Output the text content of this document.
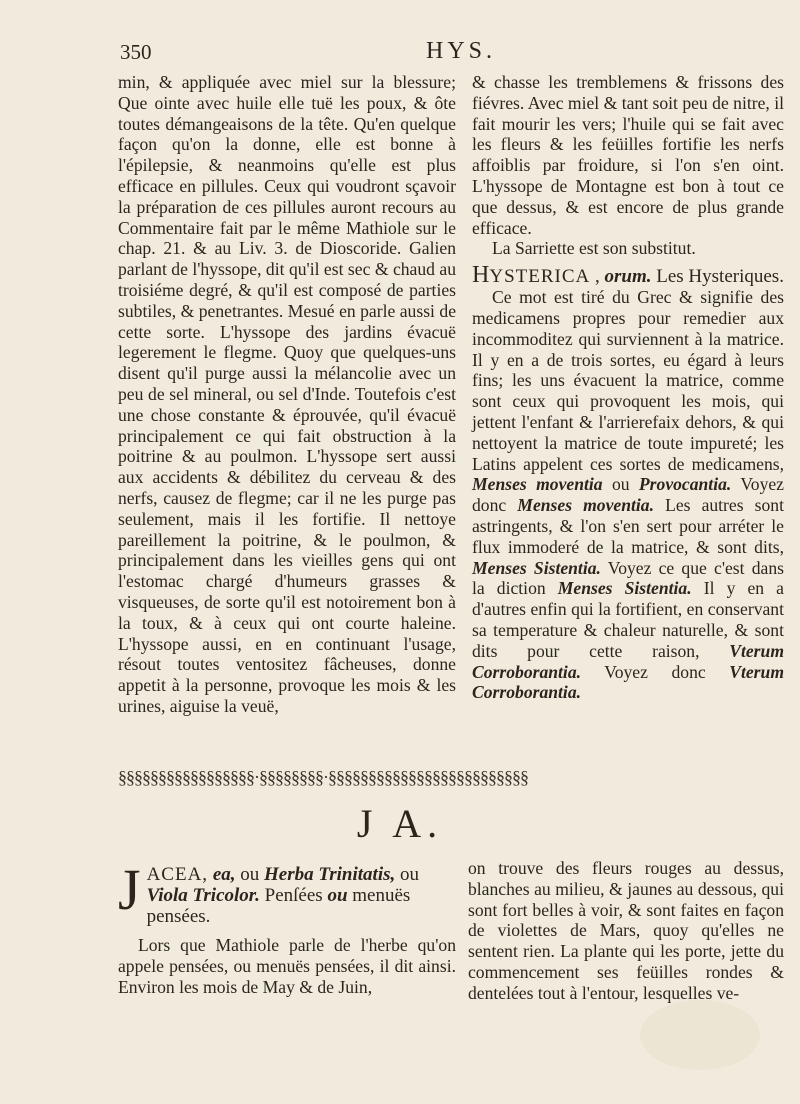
350	HYS.

min, & appliquée avec miel sur la blessure; Que ointe avec huile elle tuë les poux, & ôte toutes démangeaisons de la tête. Qu'en quelque façon qu'on la donne, elle est bonne à l'épilepsie, & neanmoins qu'elle est plus efficace en pillules. Ceux qui voudront sçavoir la préparation de ces pillules auront recours au Commentaire fait par le même Mathiole sur le chap. 21. & au Liv. 3. de Dioscoride. Galien parlant de l'hyssope, dit qu'il est sec & chaud au troisiéme degré, & qu'il est composé de parties subtiles, & penetrantes. Mesué en parle aussi de cette sorte. L'hyssope des jardins évacuë legerement le flegme. Quoy que quelques-uns disent qu'il purge aussi la mélancolie avec un peu de sel mineral, ou sel d'Inde. Toutefois c'est une chose constante & éprouvée, qu'il évacuë principalement ce qui fait obstruction à la poitrine & au poulmon. L'hyssope sert aussi aux accidents & débilitez du cerveau & des nerfs, causez de flegme; car il ne les purge pas seulement, mais il les fortifie. Il nettoye pareillement la poitrine, & le poulmon, & principalement dans les vieilles gens qui ont l'estomac chargé d'humeurs grasses & visqueuses, de sorte qu'il est notoirement bon à la toux, & à ceux qui ont courte haleine. L'hyssope aussi, en en continuant l'usage, résout toutes ventositez fâcheuses, donne appetit à la personne, provoque les mois & les urines, aiguise la veuë,

& chasse les tremblemens & frissons des fiévres. Avec miel & tant soit peu de nitre, il fait mourir les vers; l'huile qui se fait avec les fleurs & les feüilles fortifie les nerfs affoiblis par froidure, si l'on s'en oint. L'hyssope de Montagne est bon à tout ce que dessus, & est encore de plus grande efficace.

La Sarriette est son substitut.

HYSTERICA , orum. Les Hysteriques.

Ce mot est tiré du Grec & signifie des medicamens propres pour remedier aux incommoditez qui surviennent à la matrice. Il y en a de trois sortes, eu égard à leurs fins; les uns évacuent la matrice, comme sont ceux qui provoquent les mois, qui jettent l'enfant & l'arrierefaix dehors, & qui nettoyent la matrice de toute impureté; les Latins appelent ces sortes de medicamens, Menses moventia ou Provocantia. Voyez donc Menses moventia. Les autres sont astringents, & l'on s'en sert pour arréter le flux immoderé de la matrice, & sont dits, Menses Sistentia. Voyez ce que c'est dans la diction Menses Sistentia. Il y en a d'autres enfin qui la fortifient, en conservant sa temperature & chaleur naturelle, & sont dits pour cette raison, Vterum Corroborantia. Voyez donc Vterum Corroborantia.

§§§§§§§§§§§§§§§§§·§§§§§§§§·§§§§§§§§§§§§§§§§§§§§§§§§§
J A.

J ACEA, ea, ou Herba Trinitatis, ou Viola Tricolor. Penſées ou menuës pensées.

Lors que Mathiole parle de l'herbe qu'on appele pensées, ou menuës pensées, il dit ainsi. Environ les mois de May & de Juin,

on trouve des fleurs rouges au dessus, blanches au milieu, & jaunes au dessous, qui sont fort belles à voir, & sont faites en façon de violettes de Mars, quoy qu'elles ne sentent rien. La plante qui les porte, jette du commencement ses feüilles rondes & dentelées tout à l'entour, lesquelles ve-
